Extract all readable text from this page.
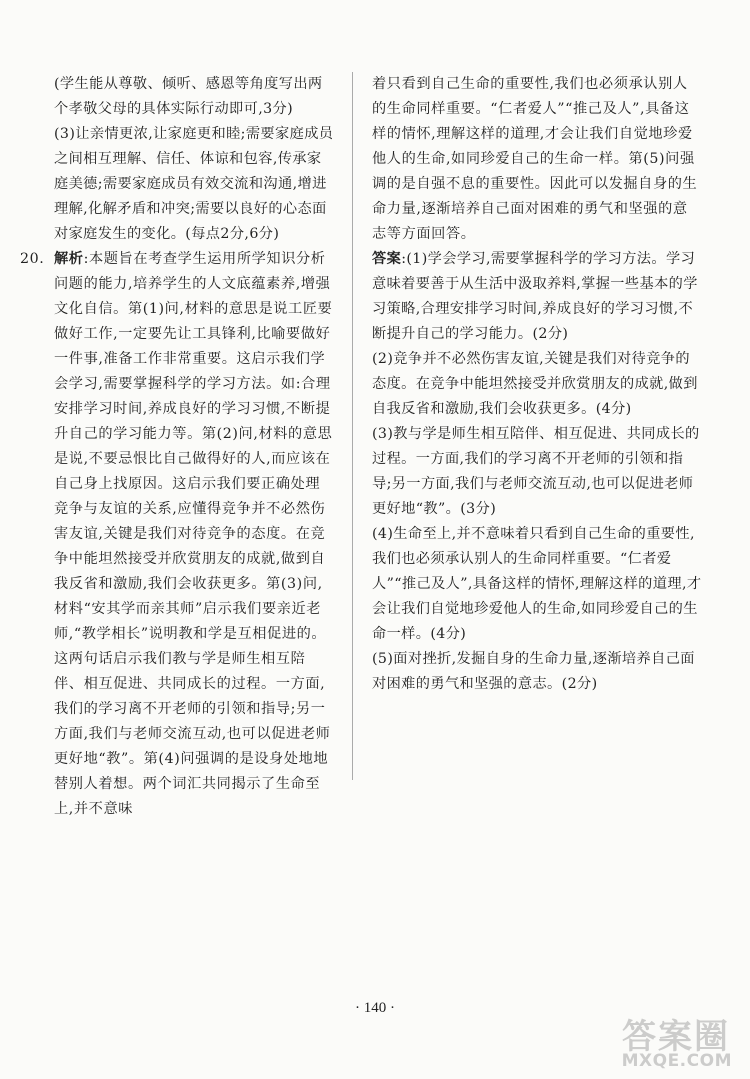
(学生能从尊敬、倾听、感恩等角度写出两个孝敬父母的具体实际行动即可,3分)

(3)让亲情更浓,让家庭更和睦;需要家庭成员之间相互理解、信任、体谅和包容,传承家庭美德;需要家庭成员有效交流和沟通,增进理解,化解矛盾和冲突;需要以良好的心态面对家庭发生的变化。(每点2分,6分)

20. 解析:本题旨在考查学生运用所学知识分析问题的能力,培养学生的人文底蕴素养,增强文化自信。第(1)问,材料的意思是说工匠要做好工作,一定要先让工具锋利,比喻要做好一件事,准备工作非常重要。这启示我们学会学习,需要掌握科学的学习方法。如:合理安排学习时间,养成良好的学习习惯,不断提升自己的学习能力等。第(2)问,材料的意思是说,不要忌恨比自己做得好的人,而应该在自己身上找原因。这启示我们要正确处理竞争与友谊的关系,应懂得竞争并不必然伤害友谊,关键是我们对待竞争的态度。在竞争中能坦然接受并欣赏朋友的成就,做到自我反省和激励,我们会收获更多。第(3)问,材料“安其学而亲其师”启示我们要亲近老师,“教学相长”说明教和学是互相促进的。这两句话启示我们教与学是师生相互陪伴、相互促进、共同成长的过程。一方面,我们的学习离不开老师的引领和指导;另一方面,我们与老师交流互动,也可以促进老师更好地“教”。第(4)问强调的是设身处地地替别人着想。两个词汇共同揭示了生命至上,并不意味

着只看到自己生命的重要性,我们也必须承认别人的生命同样重要。“仁者爱人”“推己及人”,具备这样的情怀,理解这样的道理,才会让我们自觉地珍爱他人的生命,如同珍爱自己的生命一样。第(5)问强调的是自强不息的重要性。因此可以发掘自身的生命力量,逐渐培养自己面对困难的勇气和坚强的意志等方面回答。

答案:(1)学会学习,需要掌握科学的学习方法。学习意味着要善于从生活中汲取养料,掌握一些基本的学习策略,合理安排学习时间,养成良好的学习习惯,不断提升自己的学习能力。(2分)

(2)竞争并不必然伤害友谊,关键是我们对待竞争的态度。在竞争中能坦然接受并欣赏朋友的成就,做到自我反省和激励,我们会收获更多。(4分)

(3)教与学是师生相互陪伴、相互促进、共同成长的过程。一方面,我们的学习离不开老师的引领和指导;另一方面,我们与老师交流互动,也可以促进老师更好地“教”。(3分)

(4)生命至上,并不意味着只看到自己生命的重要性,我们也必须承认别人的生命同样重要。“仁者爱人”“推己及人”,具备这样的情怀,理解这样的道理,才会让我们自觉地珍爱他人的生命,如同珍爱自己的生命一样。(4分)

(5)面对挫折,发掘自身的生命力量,逐渐培养自己面对困难的勇气和坚强的意志。(2分)

· 140 ·
答案圈
MXQE.COM
